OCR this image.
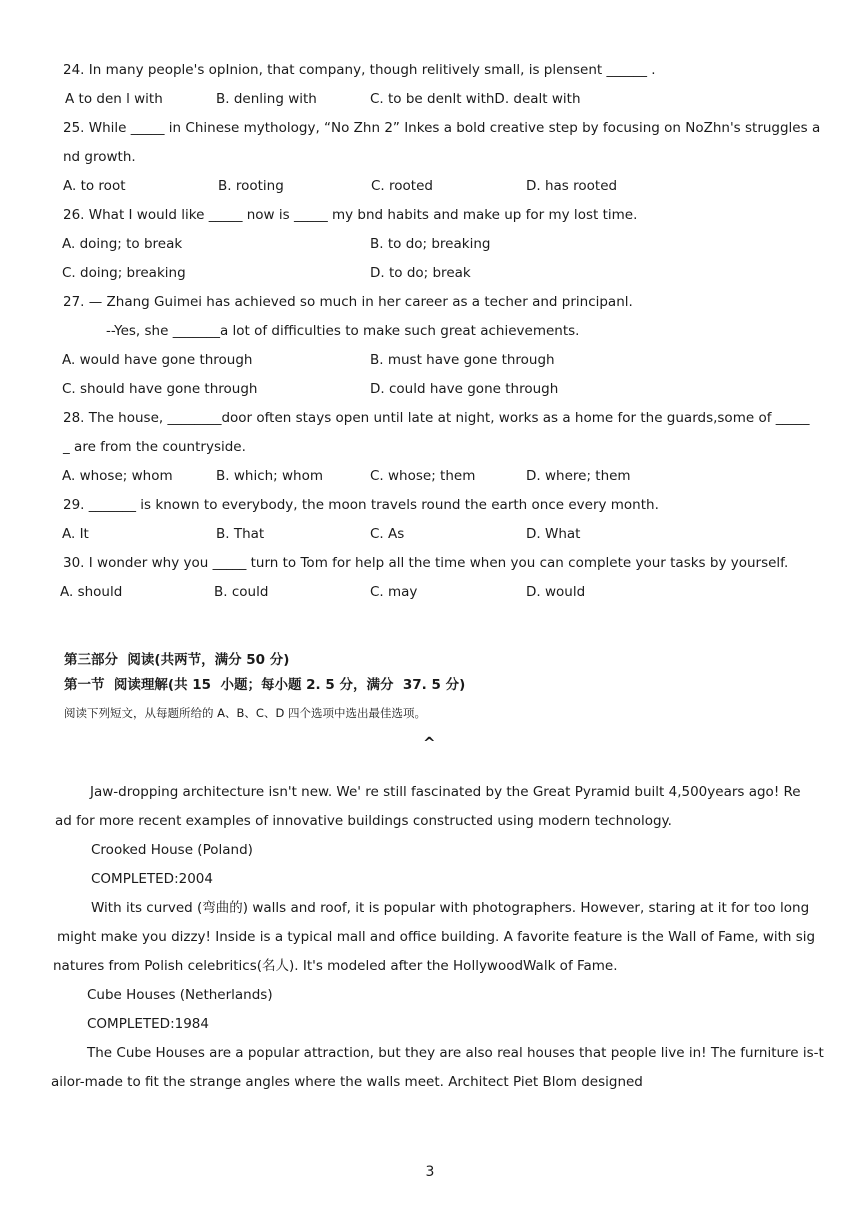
24. In many people's opInion, that company, though relitively small, is plensent ______ .
A to den l with	B. denling with	C. to be denlt withD. dealt with
25. While _____ in Chinese mythology, “No Zhn 2” Inkes a bold creative step by focusing on NoZhn's struggles a
nd growth.
A. to root	B. rooting	C. rooted	D. has rooted
26. What I would like _____ now is _____ my bnd habits and make up for my lost time.
A. doing; to break	B. to do; breaking
C. doing; breaking	D. to do; break
27. — Zhang Guimei has achieved so much in her career as a techer and principanl.
--Yes, she _______a lot of difficulties to make such great achievements.
A. would have gone through	B. must have gone through
C. should have gone through	D. could have gone through
28. The house, ________door often stays open until late at night, works as a home for the guards,some of _____
_ are from the countryside.
A. whose; whom	B. which; whom	C. whose; them	D. where; them
29. _______ is known to everybody, the moon travels round the earth once every month.
A. It	B. That	C. As	D. What
30. I wonder why you _____ turn to Tom for help all the time when you can complete your tasks by yourself.
A. should	B. could	C. may	D. would
第三部分  阅读(共两节，满分 50 分)
第一节  阅读理解(共 15  小题；每小题 2. 5 分，满分  37. 5 分)
阅读下列短文，从每题所给的 A、B、C、D 四个选项中选出最佳选项。
^
Jaw-dropping architecture isn't new. We' re still fascinated by the Great Pyramid built 4,500years ago! Re
ad for more recent examples of innovative buildings constructed using modern technology.
Crooked House (Poland)
COMPLETED:2004
With its curved (弯曲的) walls and roof, it is popular with photographers. However, staring at it for too long
might make you dizzy! Inside is a typical mall and office building. A favorite feature is the Wall of Fame, with sig
natures from Polish celebritics(名人). It's modeled after the HollywoodWalk of Fame.
Cube Houses (Netherlands)
COMPLETED:1984
The Cube Houses are a popular attraction, but they are also real houses that people live in! The furniture is-t
ailor-made to fit the strange angles where the walls meet. Architect Piet Blom designed
3
